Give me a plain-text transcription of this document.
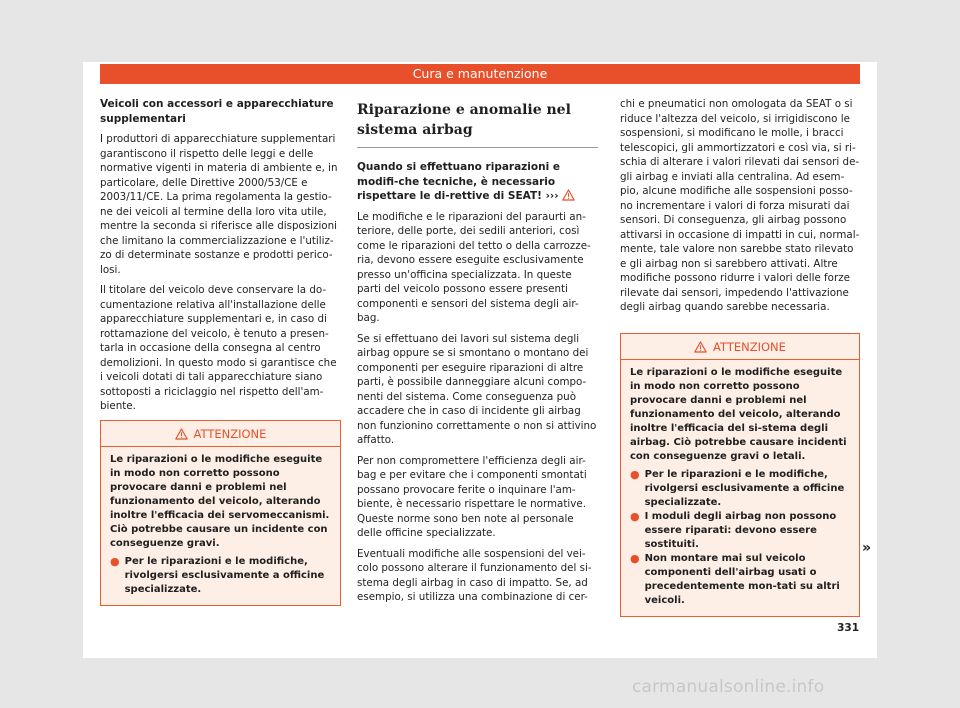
Cura e manutenzione

Veicoli con accessori e apparecchiature supplementari

I produttori di apparecchiature supplementari garantiscono il rispetto delle leggi e delle normative vigenti in materia di ambiente e, in particolare, delle Direttive 2000/53/CE e 2003/11/CE. La prima regolamenta la gestio-ne dei veicoli al termine della loro vita utile, mentre la seconda si riferisce alle disposizioni che limitano la commercializzazione e l'utiliz-zo di determinate sostanze e prodotti perico-losi.

Il titolare del veicolo deve conservare la do-cumentazione relativa all'installazione delle apparecchiature supplementari e, in caso di rottamazione del veicolo, è tenuto a presen-tarla in occasione della consegna al centro demolizioni. In questo modo si garantisce che i veicoli dotati di tali apparecchiature siano sottoposti a riciclaggio nel rispetto dell'am-biente.

ATTENZIONE

Le riparazioni o le modifiche eseguite in modo non corretto possono provocare danni e problemi nel funzionamento del veicolo, alterando inoltre l'efficacia dei servomeccanismi. Ciò potrebbe causare un incidente con conseguenze gravi.

● Per le riparazioni e le modifiche, rivolgersi esclusivamente a officine specializzate.
Riparazione e anomalie nel sistema airbag

Quando si effettuano riparazioni e modifi-che tecniche, è necessario rispettare le di-rettive di SEAT! ›››

Le modifiche e le riparazioni del paraurti an-teriore, delle porte, dei sedili anteriori, così come le riparazioni del tetto o della carrozze-ria, devono essere eseguite esclusivamente presso un'officina specializzata. In queste parti del veicolo possono essere presenti componenti e sensori del sistema degli air-bag.

Se si effettuano dei lavori sul sistema degli airbag oppure se si smontano o montano dei componenti per eseguire riparazioni di altre parti, è possibile danneggiare alcuni compo-nenti del sistema. Come conseguenza può accadere che in caso di incidente gli airbag non funzionino correttamente o non si attivino affatto.

Per non compromettere l'efficienza degli air-bag e per evitare che i componenti smontati possano provocare ferite o inquinare l'am-biente, è necessario rispettare le normative. Queste norme sono ben note al personale delle officine specializzate.

Eventuali modifiche alle sospensioni del vei-colo possono alterare il funzionamento del si-stema degli airbag in caso di impatto. Se, ad esempio, si utilizza una combinazione di cer-

chi e pneumatici non omologata da SEAT o si riduce l'altezza del veicolo, si irrigidiscono le sospensioni, si modificano le molle, i bracci telescopici, gli ammortizzatori e così via, si ri-schia di alterare i valori rilevati dai sensori de-gli airbag e inviati alla centralina. Ad esem-pio, alcune modifiche alle sospensioni posso-no incrementare i valori di forza misurati dai sensori. Di conseguenza, gli airbag possono attivarsi in occasione di impatti in cui, normal-mente, tale valore non sarebbe stato rilevato e gli airbag non si sarebbero attivati. Altre modifiche possono ridurre i valori delle forze rilevate dai sensori, impedendo l'attivazione degli airbag quando sarebbe necessaria.

ATTENZIONE

Le riparazioni o le modifiche eseguite in modo non corretto possono provocare danni e problemi nel funzionamento del veicolo, alterando inoltre l'efficacia del si-stema degli airbag. Ciò potrebbe causare incidenti con conseguenze gravi o letali.

● Per le riparazioni e le modifiche, rivolgersi esclusivamente a officine specializzate.
● I moduli degli airbag non possono essere riparati: devono essere sostituiti.
● Non montare mai sul veicolo componenti dell'airbag usati o precedentemente mon-tati su altri veicoli.
»
331
carmanualsonline.info
